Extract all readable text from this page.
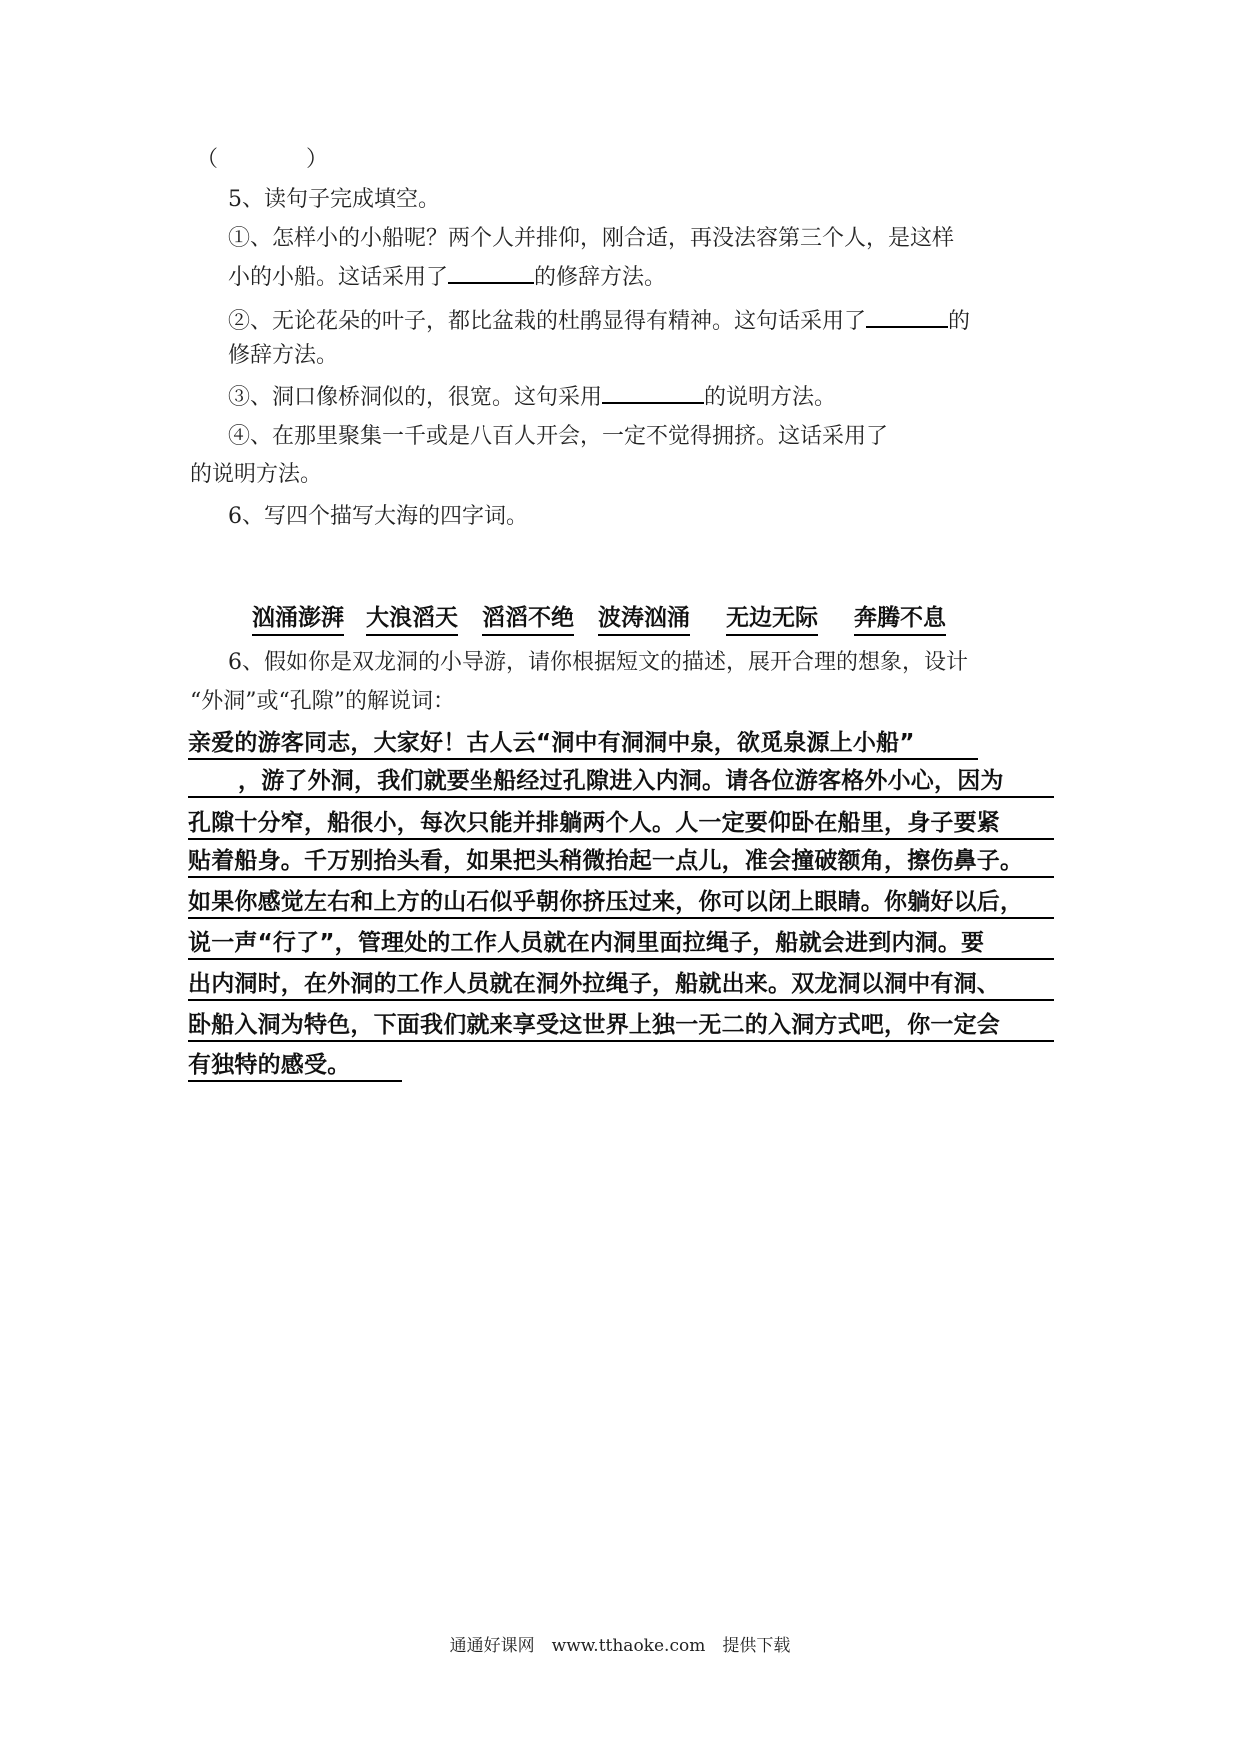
（　　　　）
5、读句子完成填空。
①、怎样小的小船呢？两个人并排仰，刚合适，再没法容第三个人，是这样
小的小船。这话采用了	的修辞方法。
②、无论花朵的叶子，都比盆栽的杜鹃显得有精神。这句话采用了	的
修辞方法。
③、洞口像桥洞似的，很宽。这句采用	的说明方法。
④、在那里聚集一千或是八百人开会，一定不觉得拥挤。这话采用了
的说明方法。
6、写四个描写大海的四字词。
汹涌澎湃 大浪滔天 滔滔不绝 波涛汹涌 无边无际 奔腾不息
6、假如你是双龙洞的小导游，请你根据短文的描述，展开合理的想象，设计
“外洞”或“孔隙”的解说词：
亲爱的游客同志，大家好！古人云“洞中有洞洞中泉，欲觅泉源上小船”
，游了外洞，我们就要坐船经过孔隙进入内洞。请各位游客格外小心，因为
孔隙十分窄，船很小，每次只能并排躺两个人。人一定要仰卧在船里，身子要紧
贴着船身。千万别抬头看，如果把头稍微抬起一点儿，准会撞破额角，擦伤鼻子。
如果你感觉左右和上方的山石似乎朝你挤压过来，你可以闭上眼睛。你躺好以后，
说一声“行了”，管理处的工作人员就在内洞里面拉绳子，船就会进到内洞。要
出内洞时，在外洞的工作人员就在洞外拉绳子，船就出来。双龙洞以洞中有洞、
卧船入洞为特色，下面我们就来享受这世界上独一无二的入洞方式吧，你一定会
有独特的感受。
通通好课网　www.tthaoke.com　提供下载
